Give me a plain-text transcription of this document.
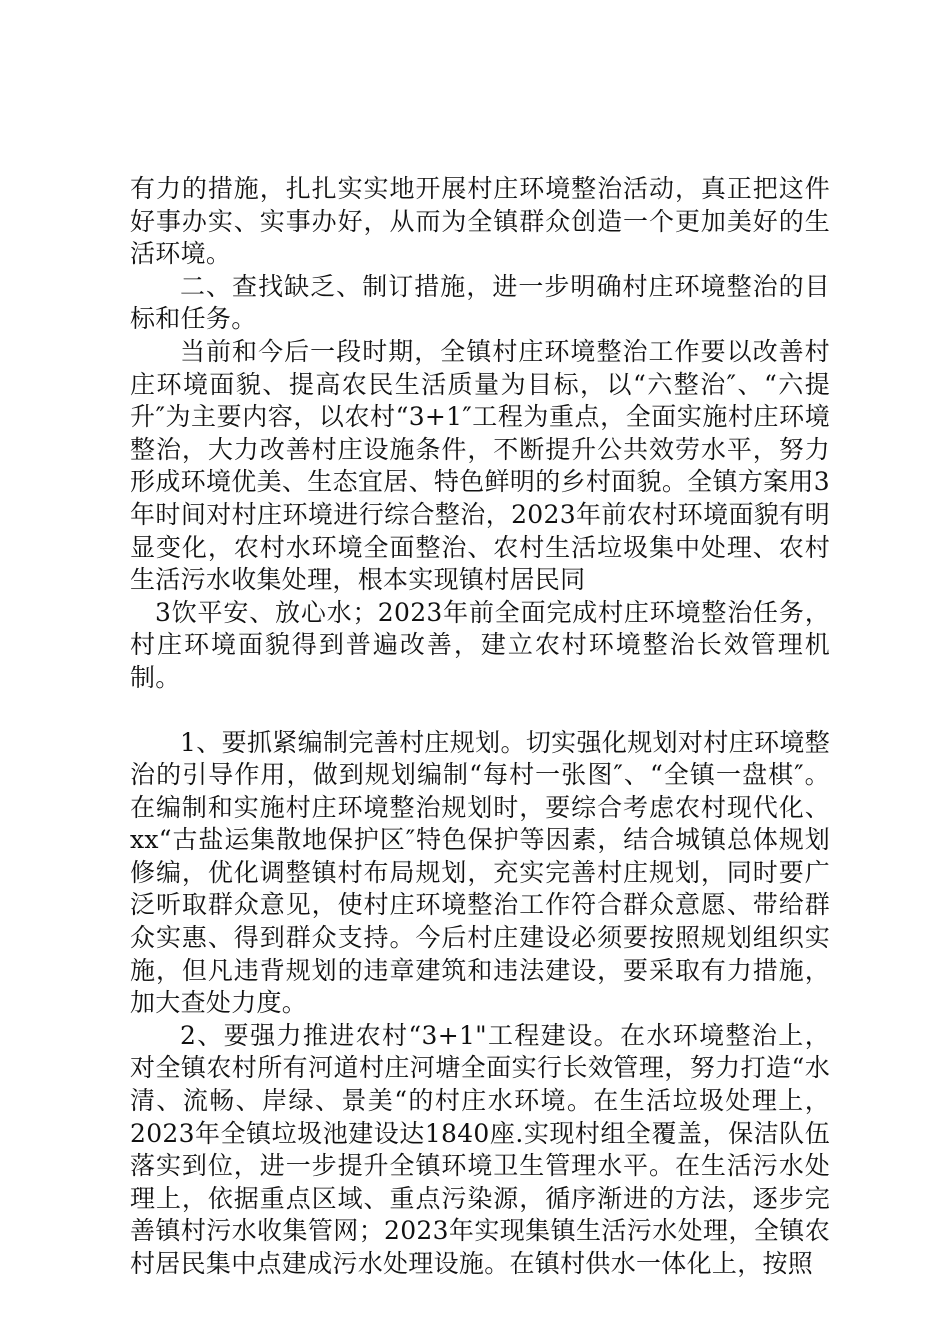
有力的措施，扎扎实实地开展村庄环境整治活动，真正把这件好事办实、实事办好，从而为全镇群众创造一个更加美好的生活环境。

二、查找缺乏、制订措施，进一步明确村庄环境整治的目标和任务。

当前和今后一段时期，全镇村庄环境整治工作要以改善村庄环境面貌、提高农民生活质量为目标，以“六整治″、“六提升″为主要内容，以农村“3+1″工程为重点，全面实施村庄环境整治，大力改善村庄设施条件，不断提升公共效劳水平，努力形成环境优美、生态宜居、特色鲜明的乡村面貌。全镇方案用3年时间对村庄环境进行综合整治，2023年前农村环境面貌有明显变化，农村水环境全面整治、农村生活垃圾集中处理、农村生活污水收集处理，根本实现镇村居民同

3饮平安、放心水；2023年前全面完成村庄环境整治任务，村庄环境面貌得到普遍改善，建立农村环境整治长效管理机制。

1、要抓紧编制完善村庄规划。切实强化规划对村庄环境整治的引导作用，做到规划编制“每村一张图″、“全镇一盘棋″。在编制和实施村庄环境整治规划时，要综合考虑农村现代化、xx“古盐运集散地保护区″特色保护等因素，结合城镇总体规划修编，优化调整镇村布局规划，充实完善村庄规划，同时要广泛听取群众意见，使村庄环境整治工作符合群众意愿、带给群众实惠、得到群众支持。今后村庄建设必须要按照规划组织实施，但凡违背规划的违章建筑和违法建设，要采取有力措施，加大查处力度。

2、要强力推进农村“3+1"工程建设。在水环境整治上，对全镇农村所有河道村庄河塘全面实行长效管理，努力打造“水清、流畅、岸绿、景美“的村庄水环境。在生活垃圾处理上，2023年全镇垃圾池建设达1840座.实现村组全覆盖，保洁队伍落实到位，进一步提升全镇环境卫生管理水平。在生活污水处理上，依据重点区域、重点污染源，循序渐进的方法，逐步完善镇村污水收集管网；2023年实现集镇生活污水处理，全镇农村居民集中点建成污水处理设施。在镇村供水一体化上，按照
